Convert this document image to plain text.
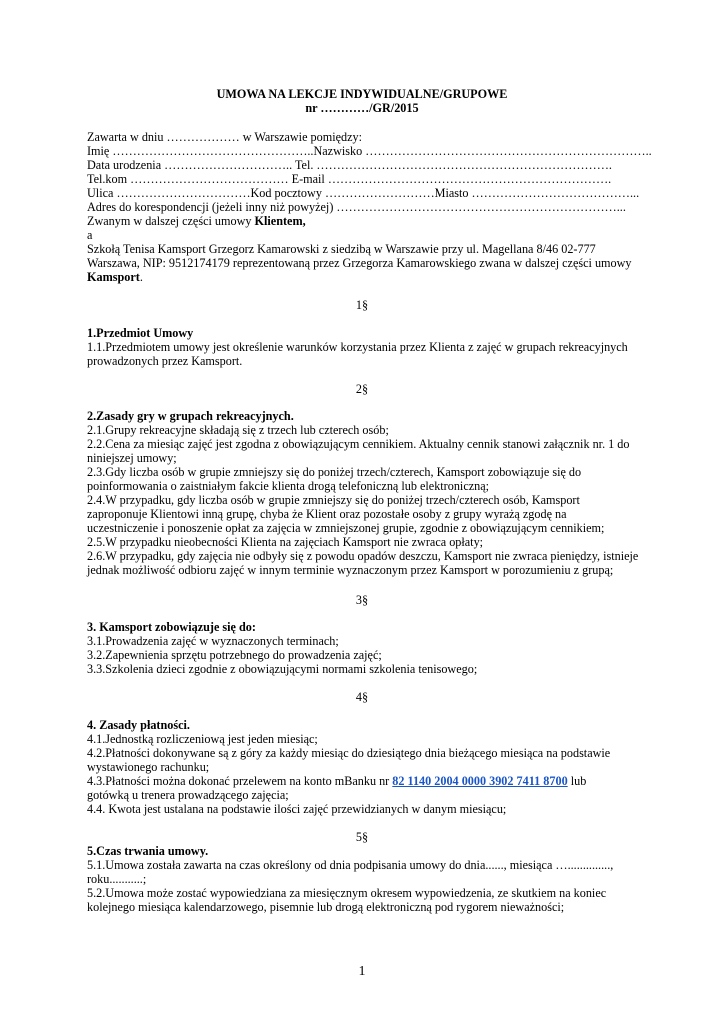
UMOWA NA LEKCJE INDYWIDUALNE/GRUPOWE
nr …………/GR/2015
Zawarta w dniu ……………… w Warszawie pomiędzy:
Imię …………………………………………..Nazwisko ……………………………………………………………..
Data urodzenia ………………………….. Tel. ……………………………………………………………….
Tel.kom ………………………………… E-mail …………………………………………………………….
Ulica ……………………………Kod pocztowy ………………………Miasto …………………………………...
Adres do korespondencji (jeżeli inny niż powyżej) ……………………………………………………………...
Zwanym w dalszej części umowy Klientem,
a
Szkołą Tenisa Kamsport Grzegorz Kamarowski z siedzibą w Warszawie przy ul. Magellana 8/46 02-777
Warszawa, NIP: 9512174179 reprezentowaną przez Grzegorza Kamarowskiego zwana w dalszej części umowy
Kamsport.
1§
1.Przedmiot Umowy
1.1.Przedmiotem umowy jest określenie warunków korzystania przez Klienta z zajęć w grupach rekreacyjnych
prowadzonych przez Kamsport.
2§
2.Zasady gry w grupach rekreacyjnych.
2.1.Grupy rekreacyjne składają się z trzech lub czterech osób;
2.2.Cena za miesiąc zajęć jest zgodna z obowiązującym cennikiem. Aktualny cennik stanowi załącznik nr. 1 do
niniejszej umowy;
2.3.Gdy liczba osób w grupie zmniejszy się do poniżej trzech/czterech, Kamsport zobowiązuje się do
poinformowania o zaistniałym fakcie klienta drogą telefoniczną lub elektroniczną;
2.4.W przypadku, gdy liczba osób w grupie zmniejszy się do poniżej trzech/czterech osób, Kamsport
zaproponuje Klientowi inną grupę, chyba że Klient oraz pozostałe osoby z grupy wyrażą zgodę na
uczestniczenie i ponoszenie opłat za zajęcia w zmniejszonej grupie, zgodnie z obowiązującym cennikiem;
2.5.W przypadku nieobecności Klienta na zajęciach Kamsport nie zwraca opłaty;
2.6.W przypadku, gdy zajęcia nie odbyły się z powodu opadów deszczu, Kamsport nie zwraca pieniędzy, istnieje
jednak możliwość odbioru zajęć w innym terminie wyznaczonym przez Kamsport w porozumieniu z grupą;
3§
3. Kamsport zobowiązuje się do:
3.1.Prowadzenia zajęć w wyznaczonych terminach;
3.2.Zapewnienia sprzętu potrzebnego do prowadzenia zajęć;
3.3.Szkolenia dzieci zgodnie z obowiązującymi normami szkolenia tenisowego;
4§
4. Zasady płatności.
4.1.Jednostką rozliczeniową jest jeden miesiąc;
4.2.Płatności dokonywane są z góry za każdy miesiąc do dziesiątego dnia bieżącego miesiąca na podstawie
wystawionego rachunku;
4.3.Płatności można dokonać przelewem na konto mBanku nr 82 1140 2004 0000 3902 7411 8700 lub
gotówką u trenera prowadzącego zajęcia;
4.4. Kwota jest ustalana na podstawie ilości zajęć przewidzianych w danym miesiącu;
5§
5.Czas trwania umowy.
5.1.Umowa została zawarta na czas określony od dnia podpisania umowy do dnia......, miesiąca …..............,
roku...........;
5.2.Umowa może zostać wypowiedziana za miesięcznym okresem wypowiedzenia, ze skutkiem na koniec
kolejnego miesiąca kalendarzowego, pisemnie lub drogą elektroniczną pod rygorem nieważności;
1
